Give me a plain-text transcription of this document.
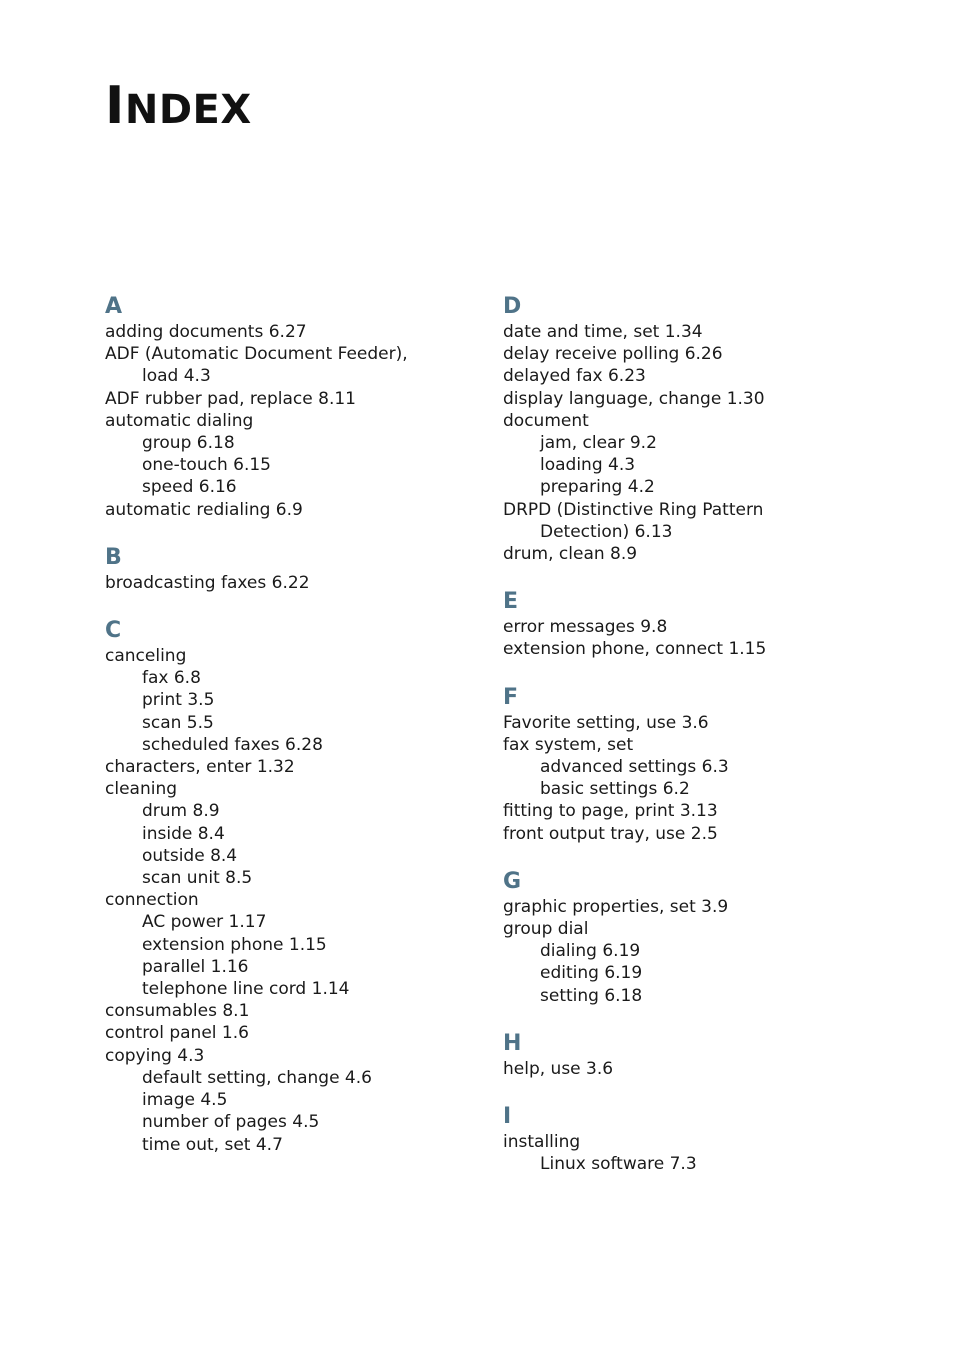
INDEX
A
adding documents 6.27
ADF (Automatic Document Feeder),
load 4.3
ADF rubber pad, replace 8.11
automatic dialing
group 6.18
one-touch 6.15
speed 6.16
automatic redialing 6.9
B
broadcasting faxes 6.22
C
canceling
fax 6.8
print 3.5
scan 5.5
scheduled faxes 6.28
characters, enter 1.32
cleaning
drum 8.9
inside 8.4
outside 8.4
scan unit 8.5
connection
AC power 1.17
extension phone 1.15
parallel 1.16
telephone line cord 1.14
consumables 8.1
control panel 1.6
copying 4.3
default setting, change 4.6
image 4.5
number of pages 4.5
time out, set 4.7
D
date and time, set 1.34
delay receive polling 6.26
delayed fax 6.23
display language, change 1.30
document
jam, clear 9.2
loading 4.3
preparing 4.2
DRPD (Distinctive Ring Pattern
Detection) 6.13
drum, clean 8.9
E
error messages 9.8
extension phone, connect 1.15
F
Favorite setting, use 3.6
fax system, set
advanced settings 6.3
basic settings 6.2
fitting to page, print 3.13
front output tray, use 2.5
G
graphic properties, set 3.9
group dial
dialing 6.19
editing 6.19
setting 6.18
H
help, use 3.6
I
installing
Linux software 7.3
